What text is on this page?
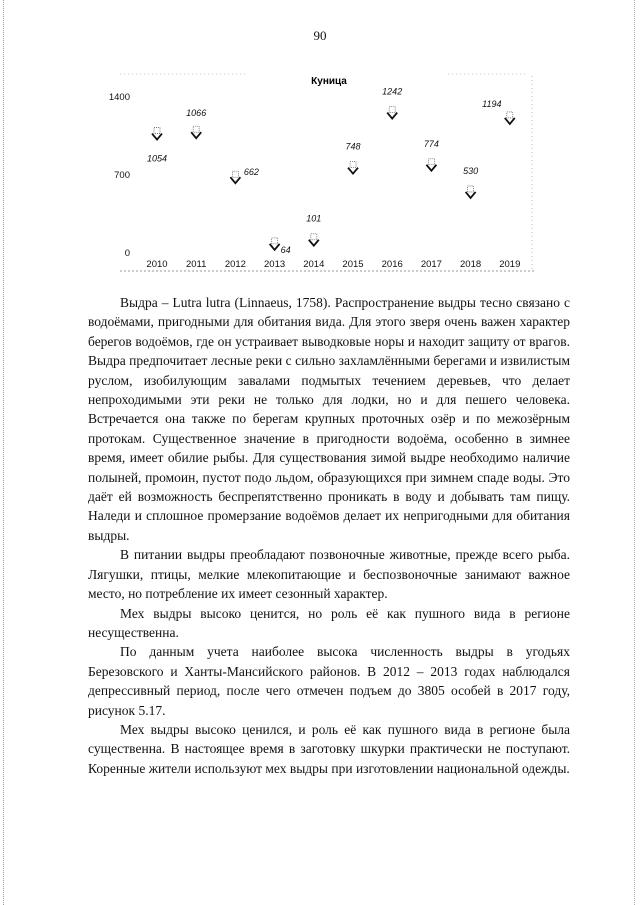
90
Куница
0
700
1400
2010 2011 2012 2013 2014 2015 2016 2017 2018 2019
1054
1066
662
64
101
748
1242
774
530
1194

Выдра – Lutra lutra (Linnaeus, 1758). Распространение выдры тесно связано с водоёмами, пригодными для обитания вида. Для этого зверя очень важен характер берегов водоёмов, где он устраивает выводковые норы и находит защиту от врагов. Выдра предпочитает лесные реки с сильно захламлёнными берегами и извилистым руслом, изобилующим завалами подмытых течением деревьев, что делает непроходимыми эти реки не только для лодки, но и для пешего человека. Встречается она также по берегам крупных проточных озёр и по межозёрным протокам. Существенное значение в пригодности водоёма, особенно в зимнее время, имеет обилие рыбы. Для существования зимой выдре необходимо наличие полыней, промоин, пустот подо льдом, образующихся при зимнем спаде воды. Это даёт ей возможность беспрепятственно проникать в воду и добывать там пищу. Наледи и сплошное промерзание водоёмов делает их непригодными для обитания выдры.

В питании выдры преобладают позвоночные животные, прежде всего рыба. Лягушки, птицы, мелкие млекопитающие и беспозвоночные занимают важное место, но потребление их имеет сезонный характер.

Мех выдры высоко ценится, но роль её как пушного вида в регионе несущественна.

По данным учета наиболее высока численность выдры в угодьях Березовского и Ханты-Мансийского районов. В 2012 – 2013 годах наблюдался депрессивный период, после чего отмечен подъем до 3805 особей в 2017 году, рисунок 5.17.

Мех выдры высоко ценился, и роль её как пушного вида в регионе была существенна. В настоящее время в заготовку шкурки практически не поступают. Коренные жители используют мех выдры при изготовлении национальной одежды.
